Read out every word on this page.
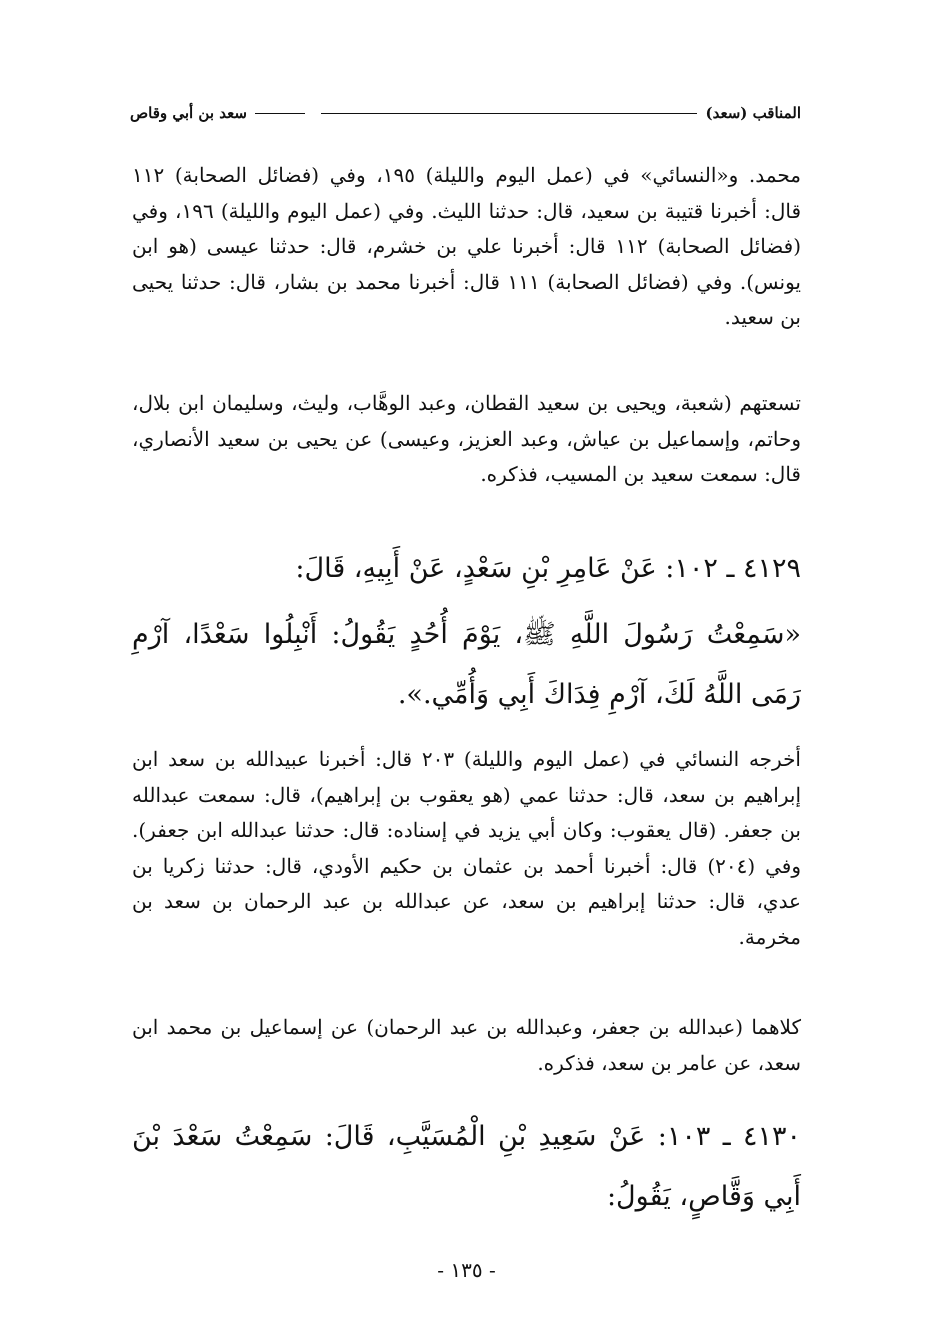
المناقب (سعد)
سعد بن أبي وقاص
محمد. و«النسائي» في (عمل اليوم والليلة) ١٩٥، وفي (فضائل الصحابة) ١١٢ قال: أخبرنا قتيبة بن سعيد، قال: حدثنا الليث. وفي (عمل اليوم والليلة) ١٩٦، وفي (فضائل الصحابة) ١١٢ قال: أخبرنا علي بن خشرم، قال: حدثنا عيسى (هو ابن يونس). وفي (فضائل الصحابة) ١١١ قال: أخبرنا محمد بن بشار، قال: حدثنا يحيى بن سعيد.
تسعتهم (شعبة، ويحيى بن سعيد القطان، وعبد الوهَّاب، وليث، وسليمان ابن بلال، وحاتم، وإسماعيل بن عياش، وعبد العزيز، وعيسى) عن يحيى بن سعيد الأنصاري، قال: سمعت سعيد بن المسيب، فذكره.
٤١٢٩ ـ ١٠٢: عَنْ عَامِرِ بْنِ سَعْدٍ، عَنْ أَبِيهِ، قَالَ:
«سَمِعْتُ رَسُولَ اللَّهِ ﷺ، يَوْمَ أُحُدٍ يَقُولُ: أَنْبِلُوا سَعْدًا، آرْمِ رَمَى اللَّهُ لَكَ، آرْمِ فِدَاكَ أَبِي وَأُمِّي.».
أخرجه النسائي في (عمل اليوم والليلة) ٢٠٣ قال: أخبرنا عبيدالله بن سعد ابن إبراهيم بن سعد، قال: حدثنا عمي (هو يعقوب بن إبراهيم)، قال: سمعت عبدالله بن جعفر. (قال يعقوب: وكان أبي يزيد في إسناده: قال: حدثنا عبدالله ابن جعفر). وفي (٢٠٤) قال: أخبرنا أحمد بن عثمان بن حكيم الأودي، قال: حدثنا زكريا بن عدي، قال: حدثنا إبراهيم بن سعد، عن عبدالله بن عبد الرحمان بن سعد بن مخرمة.
كلاهما (عبدالله بن جعفر، وعبدالله بن عبد الرحمان) عن إسماعيل بن محمد ابن سعد، عن عامر بن سعد، فذكره.
٤١٣٠ ـ ١٠٣: عَنْ سَعِيدِ بْنِ الْمُسَيَّبِ، قَالَ: سَمِعْتُ سَعْدَ بْنَ أَبِي وَقَّاصٍ، يَقُولُ:
- ١٣٥ -
